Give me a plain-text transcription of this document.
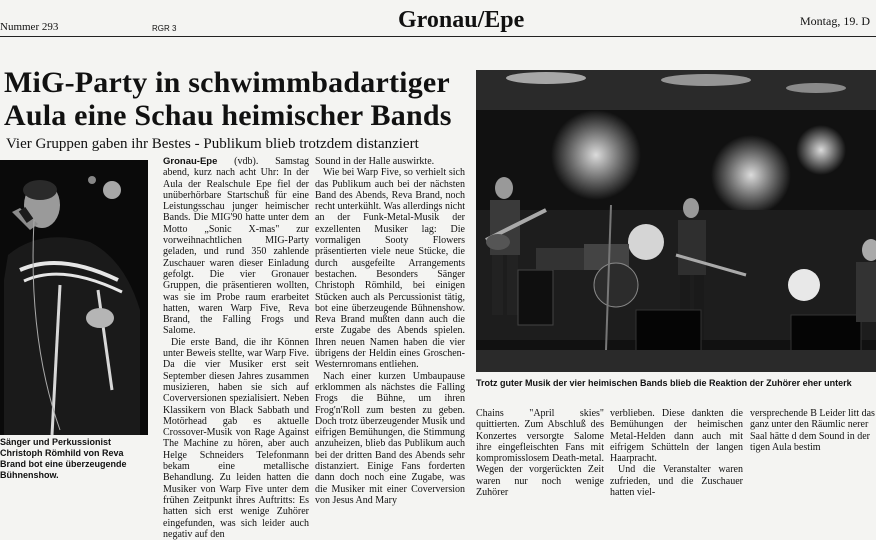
Nummer 293	RGR 3	Gronau/Epe	Montag, 19. D
MiG-Party in schwimmbadartiger
Aula eine Schau heimischer Bands
Vier Gruppen gaben ihr Bestes - Publikum blieb trotzdem distanziert
Sänger und Perkussionist Christoph Römhild von Reva Brand bot eine überzeugende Bühnenshow.

Gronau-Epe (vdb). Samstag abend, kurz nach acht Uhr: In der Aula der Realschule Epe fiel der unüberhörbare Startschuß für eine Leistungsschau junger heimischer Bands. Die MIG'90 hatte unter dem Motto „Sonic X-mas" zur vorweihnachtlichen MIG-Party geladen, und rund 350 zahlende Zuschauer waren dieser Einladung gefolgt. Die vier Gronauer Gruppen, die präsentieren wollten, was sie im Probe raum erarbeitet hatten, waren Warp Five, Reva Brand, the Falling Frogs und Salome.

Die erste Band, die ihr Können unter Beweis stellte, war Warp Five. Da die vier Musiker erst seit September diesen Jahres zusammen musizieren, haben sie sich auf Coverversionen spezialisiert. Neben Klassikern von Black Sabbath und Motörhead gab es aktuelle Crossover-Musik von Rage Against The Machine zu hören, aber auch Helge Schneiders Telefonmann bekam eine metallische Behandlung. Zu leiden hatten die Musiker von Warp Five unter dem frühen Zeitpunkt ihres Auftritts: Es hatten sich erst wenige Zuhörer eingefunden, was sich leider auch negativ auf den

Sound in der Halle auswirkte.

Wie bei Warp Five, so verhielt sich das Publikum auch bei der nächsten Band des Abends, Reva Brand, noch recht unterkühlt. Was allerdings nicht an der Funk-Metal-Musik der exzellenten Musiker lag: Die vormaligen Sooty Flowers präsentierten viele neue Stücke, die durch ausgefeilte Arrangements bestachen. Besonders Sänger Christoph Römhild, bei einigen Stücken auch als Percussionist tätig, bot eine überzeugende Bühnenshow. Reva Brand mußten dann auch die erste Zugabe des Abends spielen. Ihren neuen Namen haben die vier übrigens der Heldin eines Groschen-Westernromans entliehen.

Nach einer kurzen Umbaupause erklommen als nächstes die Falling Frogs die Bühne, um ihren Frog'n'Roll zum besten zu geben. Doch trotz überzeugender Musik und eifrigen Bemühungen, die Stimmung anzuheizen, blieb das Publikum auch bei der dritten Band des Abends sehr distanziert. Einige Fans forderten dann doch noch eine Zugabe, was die Musiker mit einer Coverversion von Jesus And Mary

Trotz guter Musik der vier heimischen Bands blieb die Reaktion der Zuhörer eher unterk

Chains "April skies" quittierten. Zum Abschluß des Konzertes versorgte Salome ihre eingefleischten Fans mit kompromisslosem Death-metal. Wegen der vorgerückten Zeit waren nur noch wenige Zuhörer

verblieben. Diese dankten die Bemühungen der heimischen Metal-Helden dann auch mit eifrigem Schütteln der langen Haarpracht.

Und die Veranstalter waren zufrieden, und die Zuschauer hatten viel-

versprechende B Leider litt das ganz unter den Räumlic nerer Saal hätte d dem Sound in der tigen Aula bestim
